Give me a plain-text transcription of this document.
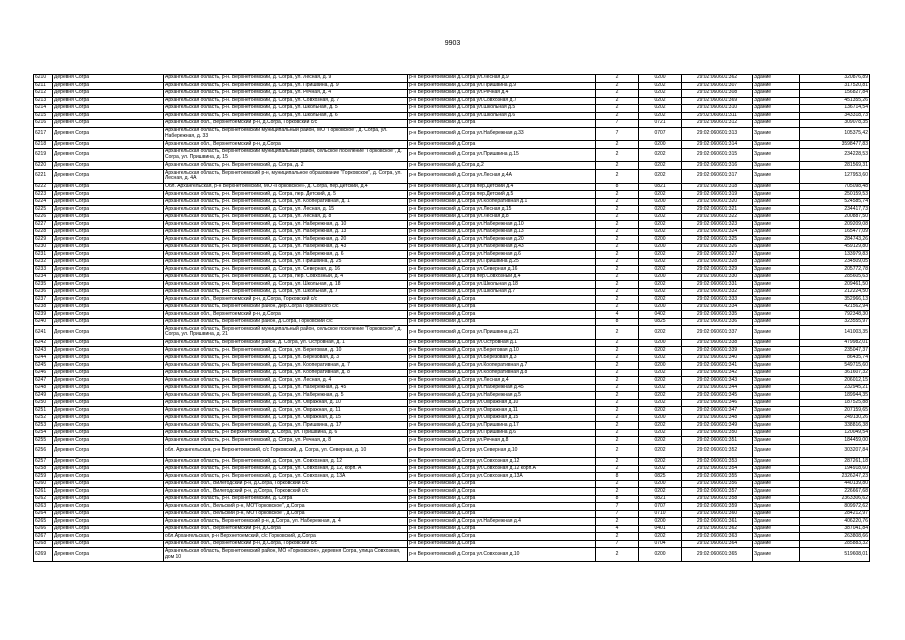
9903
6210	Деревня Согра	Архангельская область, р-н. Верхнетоемский, д. Согра, ул. Лесная, д. 9	р-н Верхнетоемский д.Согра ул.Лесная д.9	2	0200	29:02:060601:362	Здание	320876,89
6211	Деревня Согра	Архангельская область, р-н. Верхнетоемский, д. Согра, ул. Пришвина, д. 9	р-н Верхнетоемский д.Согра ул.Пришвина д.9	2	0202	29:02:060601:307	Здание	317520,81
6212	Деревня Согра	Архангельская область, р-н. Верхнетоемский, д. Согра, ул. Речная, д. 4	р-н Верхнетоемский д.Согра ул.Речная д.4	2	0202	29:02:060601:308	Здание	156827,84
6213	Деревня Согра	Архангельская область, р-н. Верхнетоемский, д. Согра, ул. Совхозная, д. 7	р-н Верхнетоемский д.Согра ул.Совхозная д.7	2	0202	29:02:060601:369	Здание	451355,26
6214	Деревня Согра	Архангельская область, р-н. Верхнетоемский, д. Согра, ул. Школьная, д. 5	р-н Верхнетоемский д.Согра ул.Школьная д.5	2	0202	29:02:060601:310	Здание	136714,54
6215	Деревня Согра	Архангельская область, р-н. Верхнетоемский, д. Согра, ул. Школьная, д. 6	р-н Верхнетоемский д.Согра ул.Школьная д.6	2	0202	29:02:060601:311	Здание	343318,73
6216	Деревня Согра	Архангельская обл., Верхнетоемский р-н, д.Согра, Горковский с/с	р-н Верхнетоемский д.Согра	7	0721	29:02:060601:312	Здание	309078,35
6217	Деревня Согра	Архангельская область, Верхнетоемский муниципальный район, МО "Горковское", д. Согра, ул. Набережная, д. 33	р-н Верхнетоемский д.Согра ул.Набережная д.33	7	0707	29:02:060601:313	Здание	105375,42
6218	Деревня Согра	Архангельская обл., Верхнетоемский р-н, д.Согра	р-н Верхнетоемский д.Согра	2	0200	29:02:060601:314	Здание	3598477,83
6219	Деревня Согра	Архангельская область, Верхнетоемский муниципальный район, сельское поселение "Горковское", д. Согра, ул. Пришвина, д. 15	р-н Верхнетоемский д.Согра ул.Пришвина д.15	2	0202	29:02:060601:315	Здание	234228,53
6220	Деревня Согра	Архангельская область, р-н. Верхнетоемский, д. Согра, д. 2	р-н Верхнетоемский д.Согра д.2	2	0202	29:02:060601:316	Здание	281569,31
6221	Деревня Согра	Архангельская область, Верхнетоемский р-н, муниципальное образование "Горковское", д. Согра, ул. Лесная, д. 4А	р-н Верхнетоемский д.Согра ул.Лесная д.4А	2	0202	29:02:060601:317	Здание	127953,60
6222	Деревня Согра	Обл. Архангельская, р-н Верхнетоемский, МО «Горковское», д. Согра, пер.Детский, д.4	р-н Верхнетоемский д.Согра пер.Детский д.4	8	0821	29:02:060601:318	Здание	705098,48
6223	Деревня Согра	Архангельская область, р-н. Верхнетоемский, д. Согра, пер. Детский, д. 5	р-н Верхнетоемский д.Согра пер.Детский д.5	2	0202	29:02:060601:319	Здание	250159,53
6224	Деревня Согра	Архангельская область, р-н. Верхнетоемский, д. Согра, ул. Кооперативная, д. 1	р-н Верхнетоемский д.Согра ул.Кооперативная д.1	2	0200	29:02:060601:320	Здание	524585,74
6225	Деревня Согра	Архангельская область, р-н. Верхнетоемский, д. Согра, ул. Лесная, д. 15	р-н Верхнетоемский д.Согра ул.Лесная д.15	2	0202	29:02:060601:321	Здание	234417,73
6226	Деревня Согра	Архангельская область, р-н. Верхнетоемский, д. Согра, ул. Лесная, д. 8	р-н Верхнетоемский д.Согра ул.Лесная д.8	2	0202	29:02:060601:322	Здание	200887,50
6227	Деревня Согра	Архангельская область, р-н. Верхнетоемский, д. Согра, ул. Набережная, д. 10	р-н Верхнетоемский д.Согра ул.Набережная д.10	2	0202	29:02:060601:323	Здание	209209,08
6228	Деревня Согра	Архангельская область, р-н. Верхнетоемский, д. Согра, ул. Набережная, д. 13	р-н Верхнетоемский д.Согра ул.Набережная д.13	2	0202	29:02:060601:324	Здание	165477,09
6229	Деревня Согра	Архангельская область, р-н. Верхнетоемский, д. Согра, ул. Набережная, д. 20	р-н Верхнетоемский д.Согра ул.Набережная д.20	2	0200	29:02:060601:325	Здание	284743,26
6230	Деревня Согра	Архангельская область, р-н. Верхнетоемский, д. Согра, ул. Набережная, д. 43	р-н Верхнетоемский д.Согра ул.Набережная д.43	2	0200	29:02:060601:326	Здание	459129,80
6231	Деревня Согра	Архангельская область, р-н. Верхнетоемский, д. Согра, ул. Набережная, д. 6	р-н Верхнетоемский д.Согра ул.Набережная д.6	2	0202	29:02:060601:327	Здание	133979,83
6232	Деревня Согра	Архангельская область, р-н. Верхнетоемский, д. Согра, ул. Пришвина, д. 25	р-н Верхнетоемский д.Согра ул.Пришвина д.25	2	0202	29:02:060601:328	Здание	234509,05
6233	Деревня Согра	Архангельская область, р-н. Верхнетоемский, д. Согра, ул. Северная, д. 16	р-н Верхнетоемский д.Согра ул.Северная д.16	2	0202	29:02:060601:329	Здание	205772,78
6234	Деревня Согра	Архангельская область, р-н. Верхнетоемский, д. Согра, пер. Совхозный, д. 4	р-н Верхнетоемский д.Согра пер.Совхозный д.4	2	0200	29:02:060601:330	Здание	285605,63
6235	Деревня Согра	Архангельская область, р-н. Верхнетоемский, д. Согра, ул. Школьная, д. 18	р-н Верхнетоемский д.Согра ул.Школьная д.18	2	0202	29:02:060601:331	Здание	209461,50
6236	Деревня Согра	Архангельская область, р-н. Верхнетоемский, д. Согра, ул. Школьная, д. 7	р-н Верхнетоемский д.Согра ул.Школьная д.7	2	0202	29:02:060601:332	Здание	212224,50
6237	Деревня Согра	Архангельская обл., Верхнетоемский р-н, д.Согра, Горковский с/с	р-н Верхнетоемский д.Согра	2	0202	29:02:060601:333	Здание	352966,13
6238	Деревня Согра	Архангельская область, Верхнетоемский район, дер.Согра Горковского с/с	р-н Верхнетоемский д.Согра	2	0200	29:02:060601:334	Здание	421562,94
6239	Деревня Согра	Архангельская обл., Верхнетоемский р-н, д.Согра	р-н Верхнетоемский д.Согра	4	0402	29:02:060601:335	Здание	792348,30
6240	Деревня Согра	Архангельская область, Верхнетоемский район, д.Согра, Горковский с/с	р-н Верхнетоемский д.Согра	8	0825	29:02:060601:336	Здание	323555,97
6241	Деревня Согра	Архангельская область, Верхнетоемский муниципальный район, сельское поселение "Горковское", д. Согра, ул. Пришвина, д. 21	р-н Верхнетоемский д.Согра ул.Пришвина д.21	2	0202	29:02:060601:337	Здание	141003,35
6242	Деревня Согра	Архангельская область, Верхнетоемский район, д. Согра, ул. Островная, д. 1	р-н Верхнетоемский д.Согра ул.Островная д.1	2	0200	29:02:060601:338	Здание	479982,01
6243	Деревня Согра	Архангельская область, р-н. Верхнетоемский, д. Согра, ул. Береговая, д. 10	р-н Верхнетоемский д.Согра ул.Береговая д.10	2	0202	29:02:060601:339	Здание	235047,37
6244	Деревня Согра	Архангельская область, р-н. Верхнетоемский, д. Согра, ул. Березовая, д. 3	р-н Верхнетоемский д.Согра ул.Березовая д.3	2	0202	29:02:060601:340	Здание	86435,74
6245	Деревня Согра	Архангельская область, р-н. Верхнетоемский, д. Согра, ул. Кооперативная, д. 7	р-н Верхнетоемский д.Согра ул.Кооперативная д.7	2	0200	29:02:060601:341	Здание	549715,60
6246	Деревня Согра	Архангельская область, р-н. Верхнетоемский, д. Согра, ул. Кооперативная, д. 8	р-н Верхнетоемский д.Согра ул.Кооперативная д.8	2	0202	29:02:060601:342	Здание	361607,32
6247	Деревня Согра	Архангельская область, р-н. Верхнетоемский, д. Согра, ул. Лесная, д. 4	р-н Верхнетоемский д.Согра ул.Лесная д.4	2	0202	29:02:060601:343	Здание	206012,15
6248	Деревня Согра	Архангельская область, р-н. Верхнетоемский, д. Согра, ул. Набережная, д. 45	р-н Верхнетоемский д.Согра ул.Набережная д.45	2	0202	29:02:060601:344	Здание	232945,21
6249	Деревня Согра	Архангельская область, р-н. Верхнетоемский, д. Согра, ул. Набережная, д. 5	р-н Верхнетоемский д.Согра ул.Набережная д.5	2	0202	29:02:060601:345	Здание	189944,35
6250	Деревня Согра	Архангельская область, р-н. Верхнетоемский, д. Согра, ул. Овражная, д. 10	р-н Верхнетоемский д.Согра ул.Овражная д.10	2	0202	29:02:060601:346	Здание	187525,88
6251	Деревня Согра	Архангельская область, р-н. Верхнетоемский, д. Согра, ул. Овражная, д. 11	р-н Верхнетоемский д.Согра ул.Овражная д.11	2	0202	29:02:060601:347	Здание	207159,65
6252	Деревня Согра	Архангельская область, р-н. Верхнетоемский, д. Согра, ул. Овражная, д. 15	р-н Верхнетоемский д.Согра ул.Овражная д.15	2	0200	29:02:060601:348	Здание	249130,26
6253	Деревня Согра	Архангельская область, р-н. Верхнетоемский, д. Согра, ул. Пришвина, д. 17	р-н Верхнетоемский д.Согра ул.Пришвина д.17	2	0202	29:02:060601:349	Здание	338816,38
6254	Деревня Согра	Архангельская область, р-н Верхнетоемский, д. Согра, ул. Пришвина, д. 6	р-н Верхнетоемский д.Согра ул.Пришвина д.6	2	0202	29:02:060601:350	Здание	120049,54
6255	Деревня Согра	Архангельская область, р-н. Верхнетоемский, д. Согра, ул. Речная, д. 8	р-н Верхнетоемский д.Согра ул.Речная д.8	2	0202	29:02:060601:351	Здание	184459,00
6256	Деревня Согра	обл. Архангельская, р-н Верхнетоемский, с/с Горковский, д. Согра, ул. Северная, д. 10	р-н Верхнетоемский д.Согра ул.Северная д.10	2	0202	29:02:060601:352	Здание	303207,84
6257	Деревня Согра	Архангельская область, р-н. Верхнетоемский, д. Согра, ул. Совхозная, д. 12	р-н Верхнетоемский д.Согра ул.Совхозная д.12	2	0202	29:02:060601:353	Здание	287261,18
6258	Деревня Согра	Архангельская область, р-н. Верхнетоемский, д. Согра, ул. Совхозная, д. 12, корп. А	р-н Верхнетоемский д.Согра ул.Совхозная д.12 корп.А	2	0202	29:02:060601:354	Здание	194918,60
6259	Деревня Согра	Архангельская область, р-н. Верхнетоемский, д. Согра, ул. Совхозная, д. 13А	р-н Верхнетоемский д.Согра ул.Совхозная д.13А	8	0825	29:02:060601:355	Здание	2326247,23
6260	Деревня Согра	Архангельская обл., Вилегодский р-н, д.Согра, Горковский с/с	р-н Верхнетоемский д.Согра	2	0200	29:02:060601:356	Здание	440139,80
6261	Деревня Согра	Архангельская обл., Вилегодский р-н, д.Согра, Горковский с/с	р-н Верхнетоемский д.Согра	2	0202	29:02:060601:357	Здание	226667,68
6262	Деревня Согра	Архангельская область, р-н. Верхнетоемский, д. Согра	р-н Верхнетоемский д.Согра	8	0821	29:02:060601:358	Здание	2363306,62
6263	Деревня Согра	Архангельская обл., Вельский р-н, МО"Горковское", д.Согра	р-н Верхнетоемский д.Согра	7	0707	29:02:060601:359	Здание	809972,62
6264	Деревня Согра	Архангельская обл., Вельский р-н, МО"Горковское", д.Согра	р-н Верхнетоемский д.Согра	7	0710	29:02:060601:360	Здание	284212,97
6265	Деревня Согра	Архангельская область, Верхнетоемский р-н, д.Согра, ул. Набережная, д. 4	р-н Верхнетоемский д.Согра ул.Набережная д.4	2	0200	29:02:060601:361	Здание	406220,76
6266	Деревня Согра	Архангельская обл., Верхнетоемский р-н, д.Согра	р-н Верхнетоемский д.Согра	4	0401	29:02:060601:362	Здание	387041,84
6267	Деревня Согра	обл.Архангельская, р-н Верхнетоемский, с/с Горковский, д.Согра	р-н Верхнетоемский д.Согра	2	0202	29:02:060601:363	Здание	263808,66
6268	Деревня Согра	Архангельская обл., Верхнетоемский р-н, д.Согра, Горковский с/с	р-н Верхнетоемский д.Согра	7	0704	29:02:060601:364	Здание	285883,32
6269	Деревня Согра	Архангельская область, Верхнетоемский район, МО «Горковское», деревня Согра, улица Совхозная, дом 10	р-н Верхнетоемский д.Согра ул.Совхозная д.10	2	0200	29:02:060601:365	Здание	519608,01
